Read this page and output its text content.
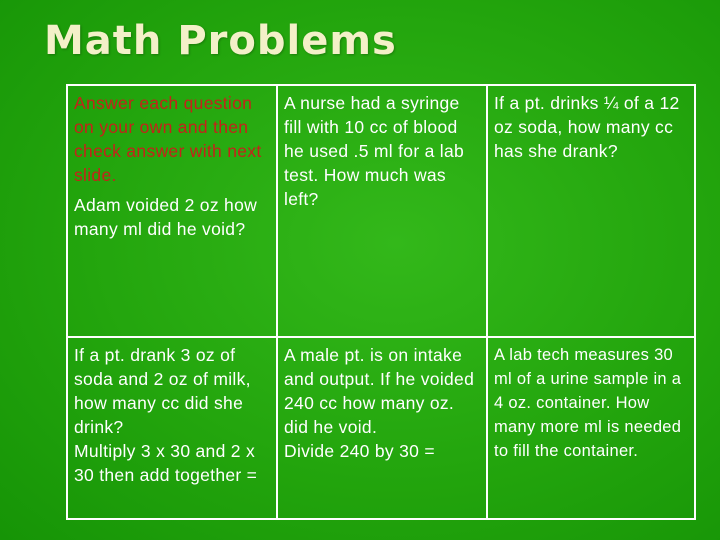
Math Problems
Answer each question on your own and then check answer with next slide.
Adam voided 2 oz how many ml did he void?
A nurse had a syringe fill with 10 cc of blood he used .5 ml for a lab test. How much was left?
If a pt. drinks ¼ of a 12 oz soda, how many cc has she drank?
If a pt. drank 3 oz of soda and 2 oz of milk, how many cc did she drink?
Multiply 3 x 30 and 2 x 30 then add together =
A male pt. is on intake and output. If he voided 240 cc how many oz. did he void.
Divide 240 by 30 =
A lab tech measures 30 ml of a urine sample in a 4 oz. container. How many more ml is needed to fill the container.
